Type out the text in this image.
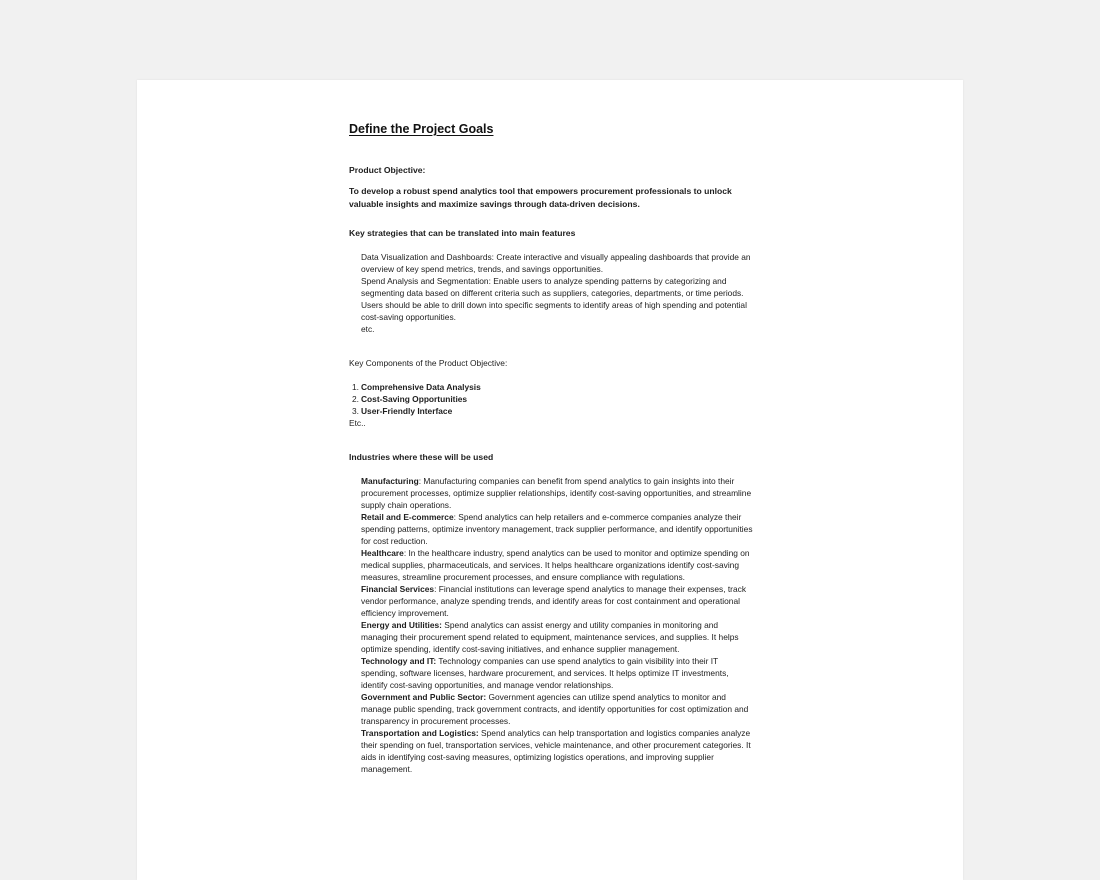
Define the Project Goals

Product Objective:

To develop a robust spend analytics tool that empowers procurement professionals to unlock valuable insights and maximize savings through data-driven decisions.

Key strategies that can be translated into main features

Data Visualization and Dashboards: Create interactive and visually appealing dashboards that provide an overview of key spend metrics, trends, and savings opportunities.

Spend Analysis and Segmentation: Enable users to analyze spending patterns by categorizing and segmenting data based on different criteria such as suppliers, categories, departments, or time periods. Users should be able to drill down into specific segments to identify areas of high spending and potential cost-saving opportunities.

etc.

Key Components of the Product Objective:

1. Comprehensive Data Analysis

2. Cost-Saving Opportunities

3. User-Friendly Interface

Etc..

Industries where these will be used

Manufacturing: Manufacturing companies can benefit from spend analytics to gain insights into their procurement processes, optimize supplier relationships, identify cost-saving opportunities, and streamline supply chain operations.

Retail and E-commerce: Spend analytics can help retailers and e-commerce companies analyze their spending patterns, optimize inventory management, track supplier performance, and identify opportunities for cost reduction.

Healthcare: In the healthcare industry, spend analytics can be used to monitor and optimize spending on medical supplies, pharmaceuticals, and services. It helps healthcare organizations identify cost-saving measures, streamline procurement processes, and ensure compliance with regulations.

Financial Services: Financial institutions can leverage spend analytics to manage their expenses, track vendor performance, analyze spending trends, and identify areas for cost containment and operational efficiency improvement.

Energy and Utilities: Spend analytics can assist energy and utility companies in monitoring and managing their procurement spend related to equipment, maintenance services, and supplies. It helps optimize spending, identify cost-saving initiatives, and enhance supplier management.

Technology and IT: Technology companies can use spend analytics to gain visibility into their IT spending, software licenses, hardware procurement, and services. It helps optimize IT investments, identify cost-saving opportunities, and manage vendor relationships.

Government and Public Sector: Government agencies can utilize spend analytics to monitor and manage public spending, track government contracts, and identify opportunities for cost optimization and transparency in procurement processes.

Transportation and Logistics: Spend analytics can help transportation and logistics companies analyze their spending on fuel, transportation services, vehicle maintenance, and other procurement categories. It aids in identifying cost-saving measures, optimizing logistics operations, and improving supplier management.
